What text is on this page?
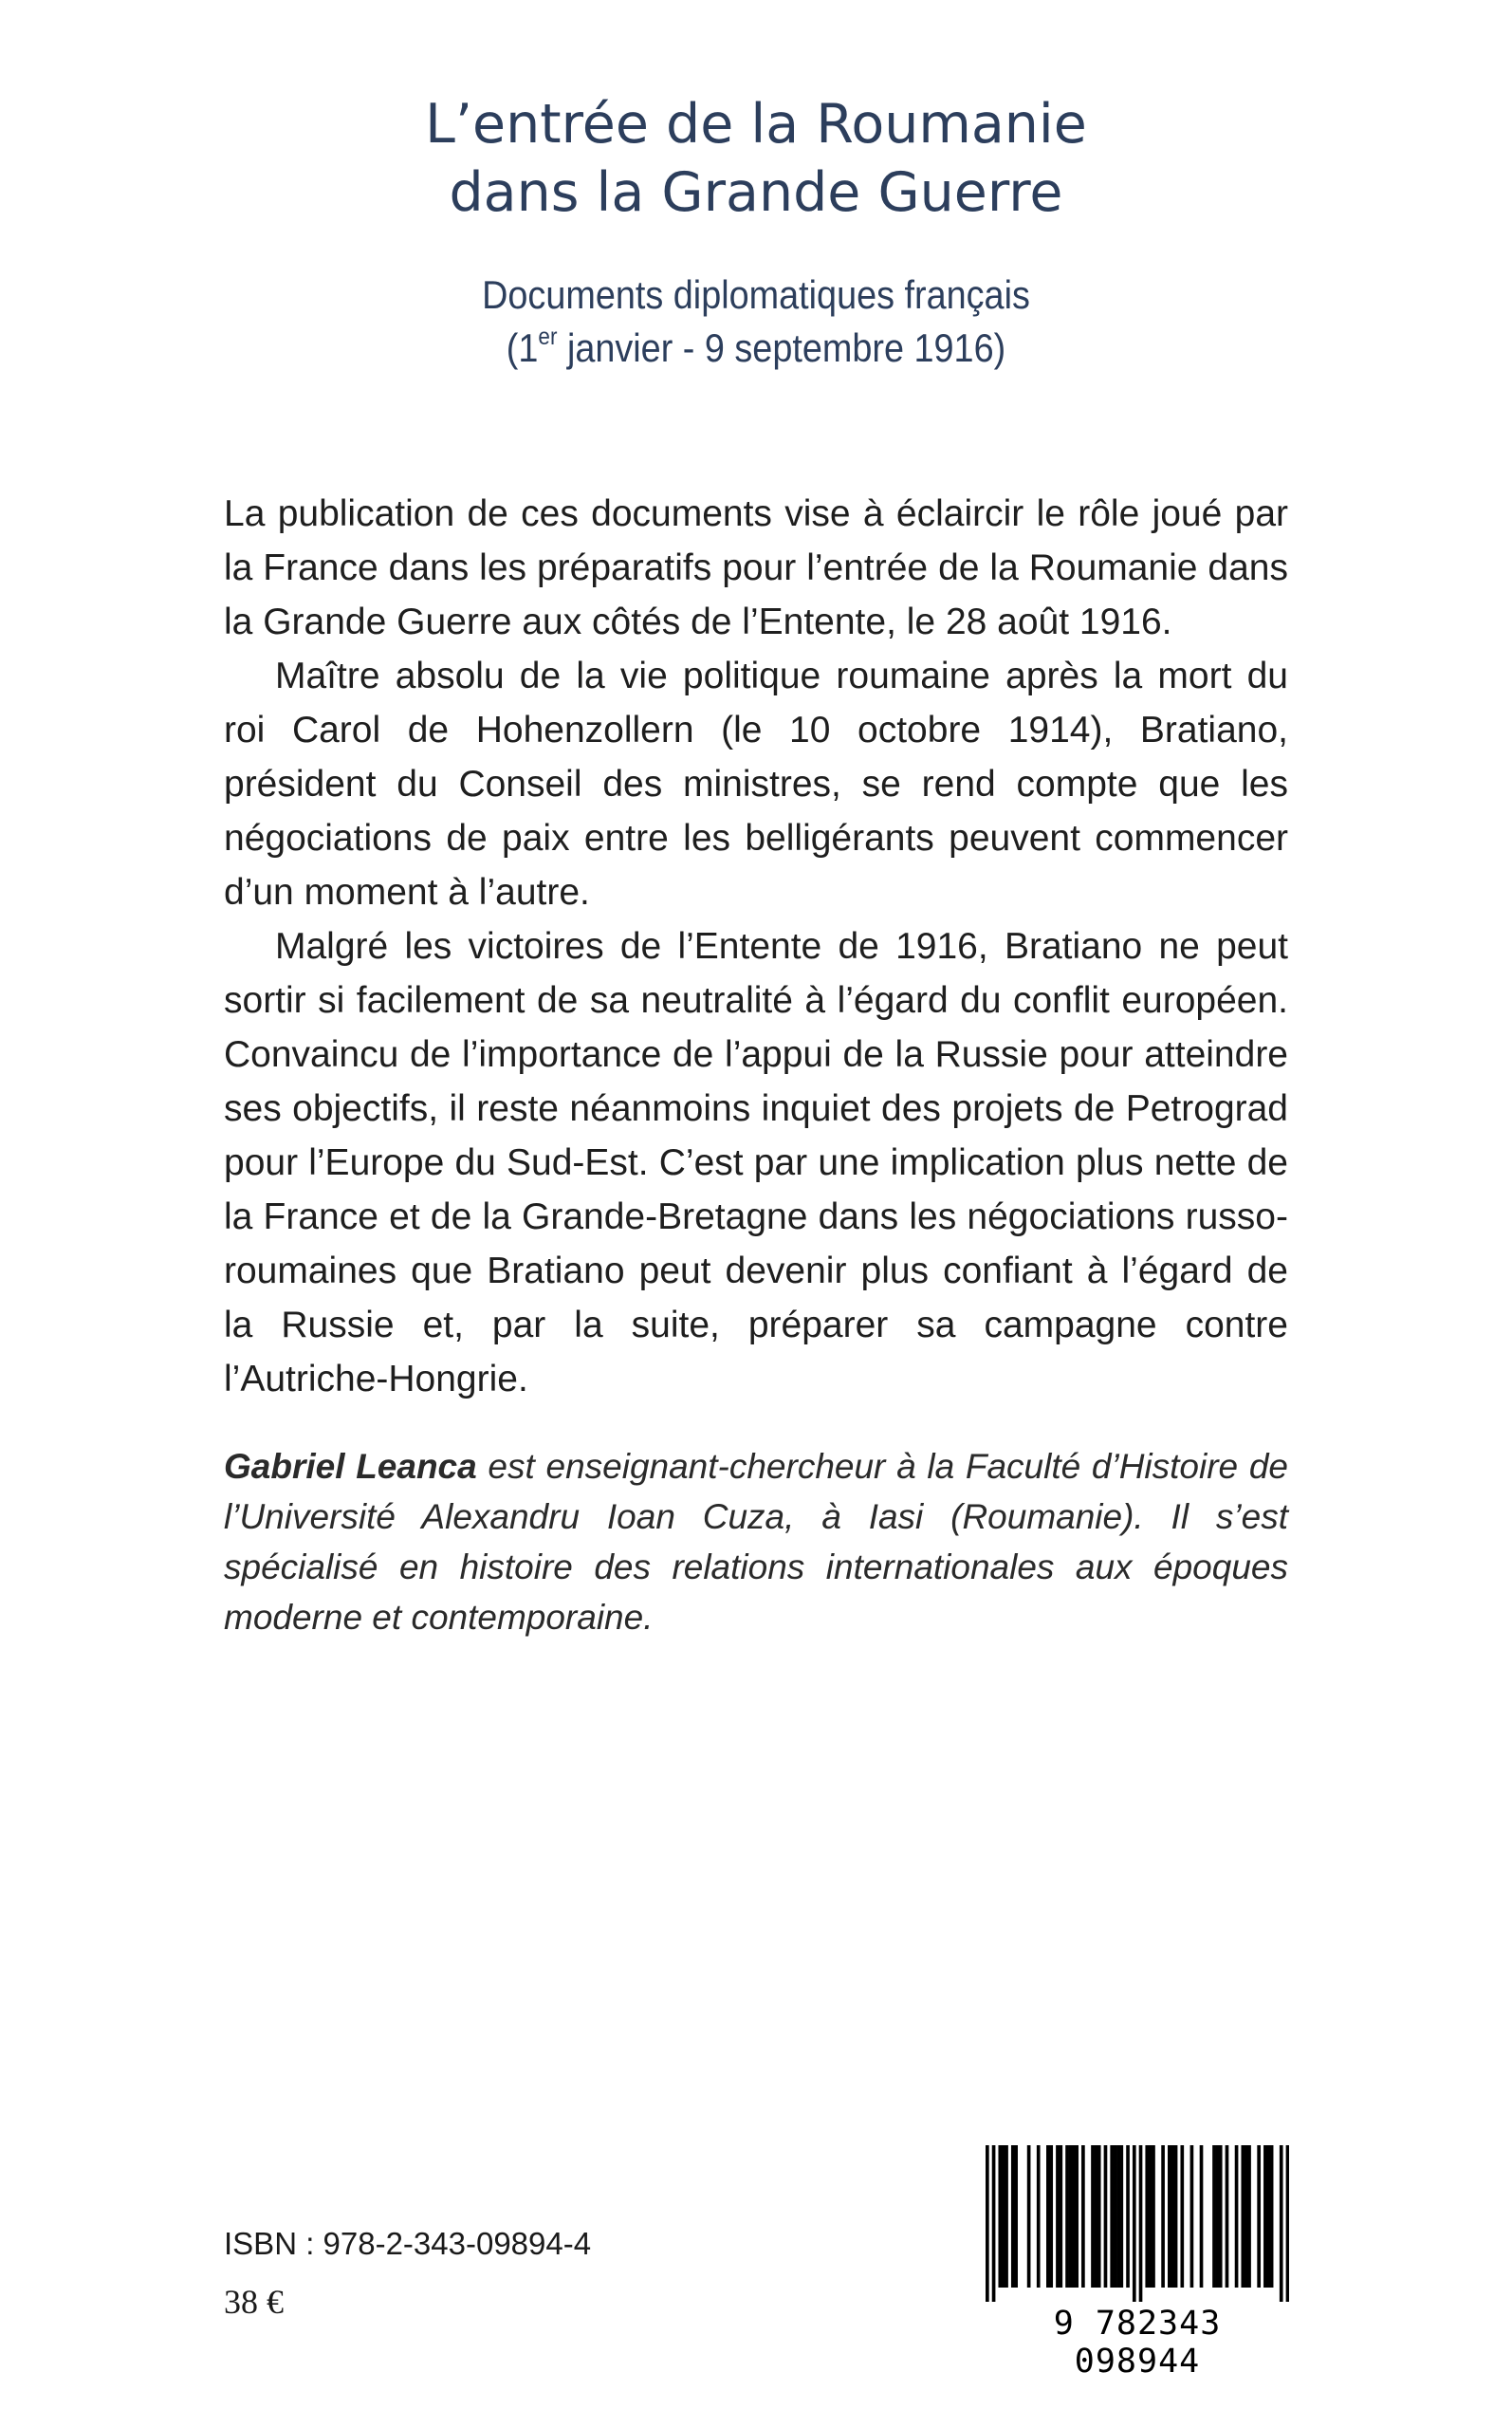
L’entrée de la Roumanie
dans la Grande Guerre
Documents diplomatiques français
(1er janvier - 9 septembre 1916)

La publication de ces documents vise à éclaircir le rôle joué par la France dans les préparatifs pour l’entrée de la Roumanie dans la Grande Guerre aux côtés de l’Entente, le 28 août 1916.

Maître absolu de la vie politique roumaine après la mort du roi Carol de Hohenzollern (le 10 octobre 1914), Bratiano, président du Conseil des ministres, se rend compte que les négociations de paix entre les belligérants peuvent commencer d’un moment à l’autre.

Malgré les victoires de l’Entente de 1916, Bratiano ne peut sortir si facilement de sa neutralité à l’égard du conflit européen. Convaincu de l’importance de l’appui de la Russie pour atteindre ses objectifs, il reste néanmoins inquiet des projets de Petrograd pour l’Europe du Sud-Est. C’est par une implication plus nette de la France et de la Grande-Bretagne dans les négociations russo-roumaines que Bratiano peut devenir plus confiant à l’égard de la Russie et, par la suite, préparer sa campagne contre l’Autriche-Hongrie.

Gabriel Leanca est enseignant-chercheur à la Faculté d’Histoire de l’Université Alexandru Ioan Cuza, à Iasi (Roumanie). Il s’est spécialisé en histoire des relations internationales aux époques moderne et contemporaine.

ISBN : 978-2-343-09894-4
38 €
9 782343 098944
